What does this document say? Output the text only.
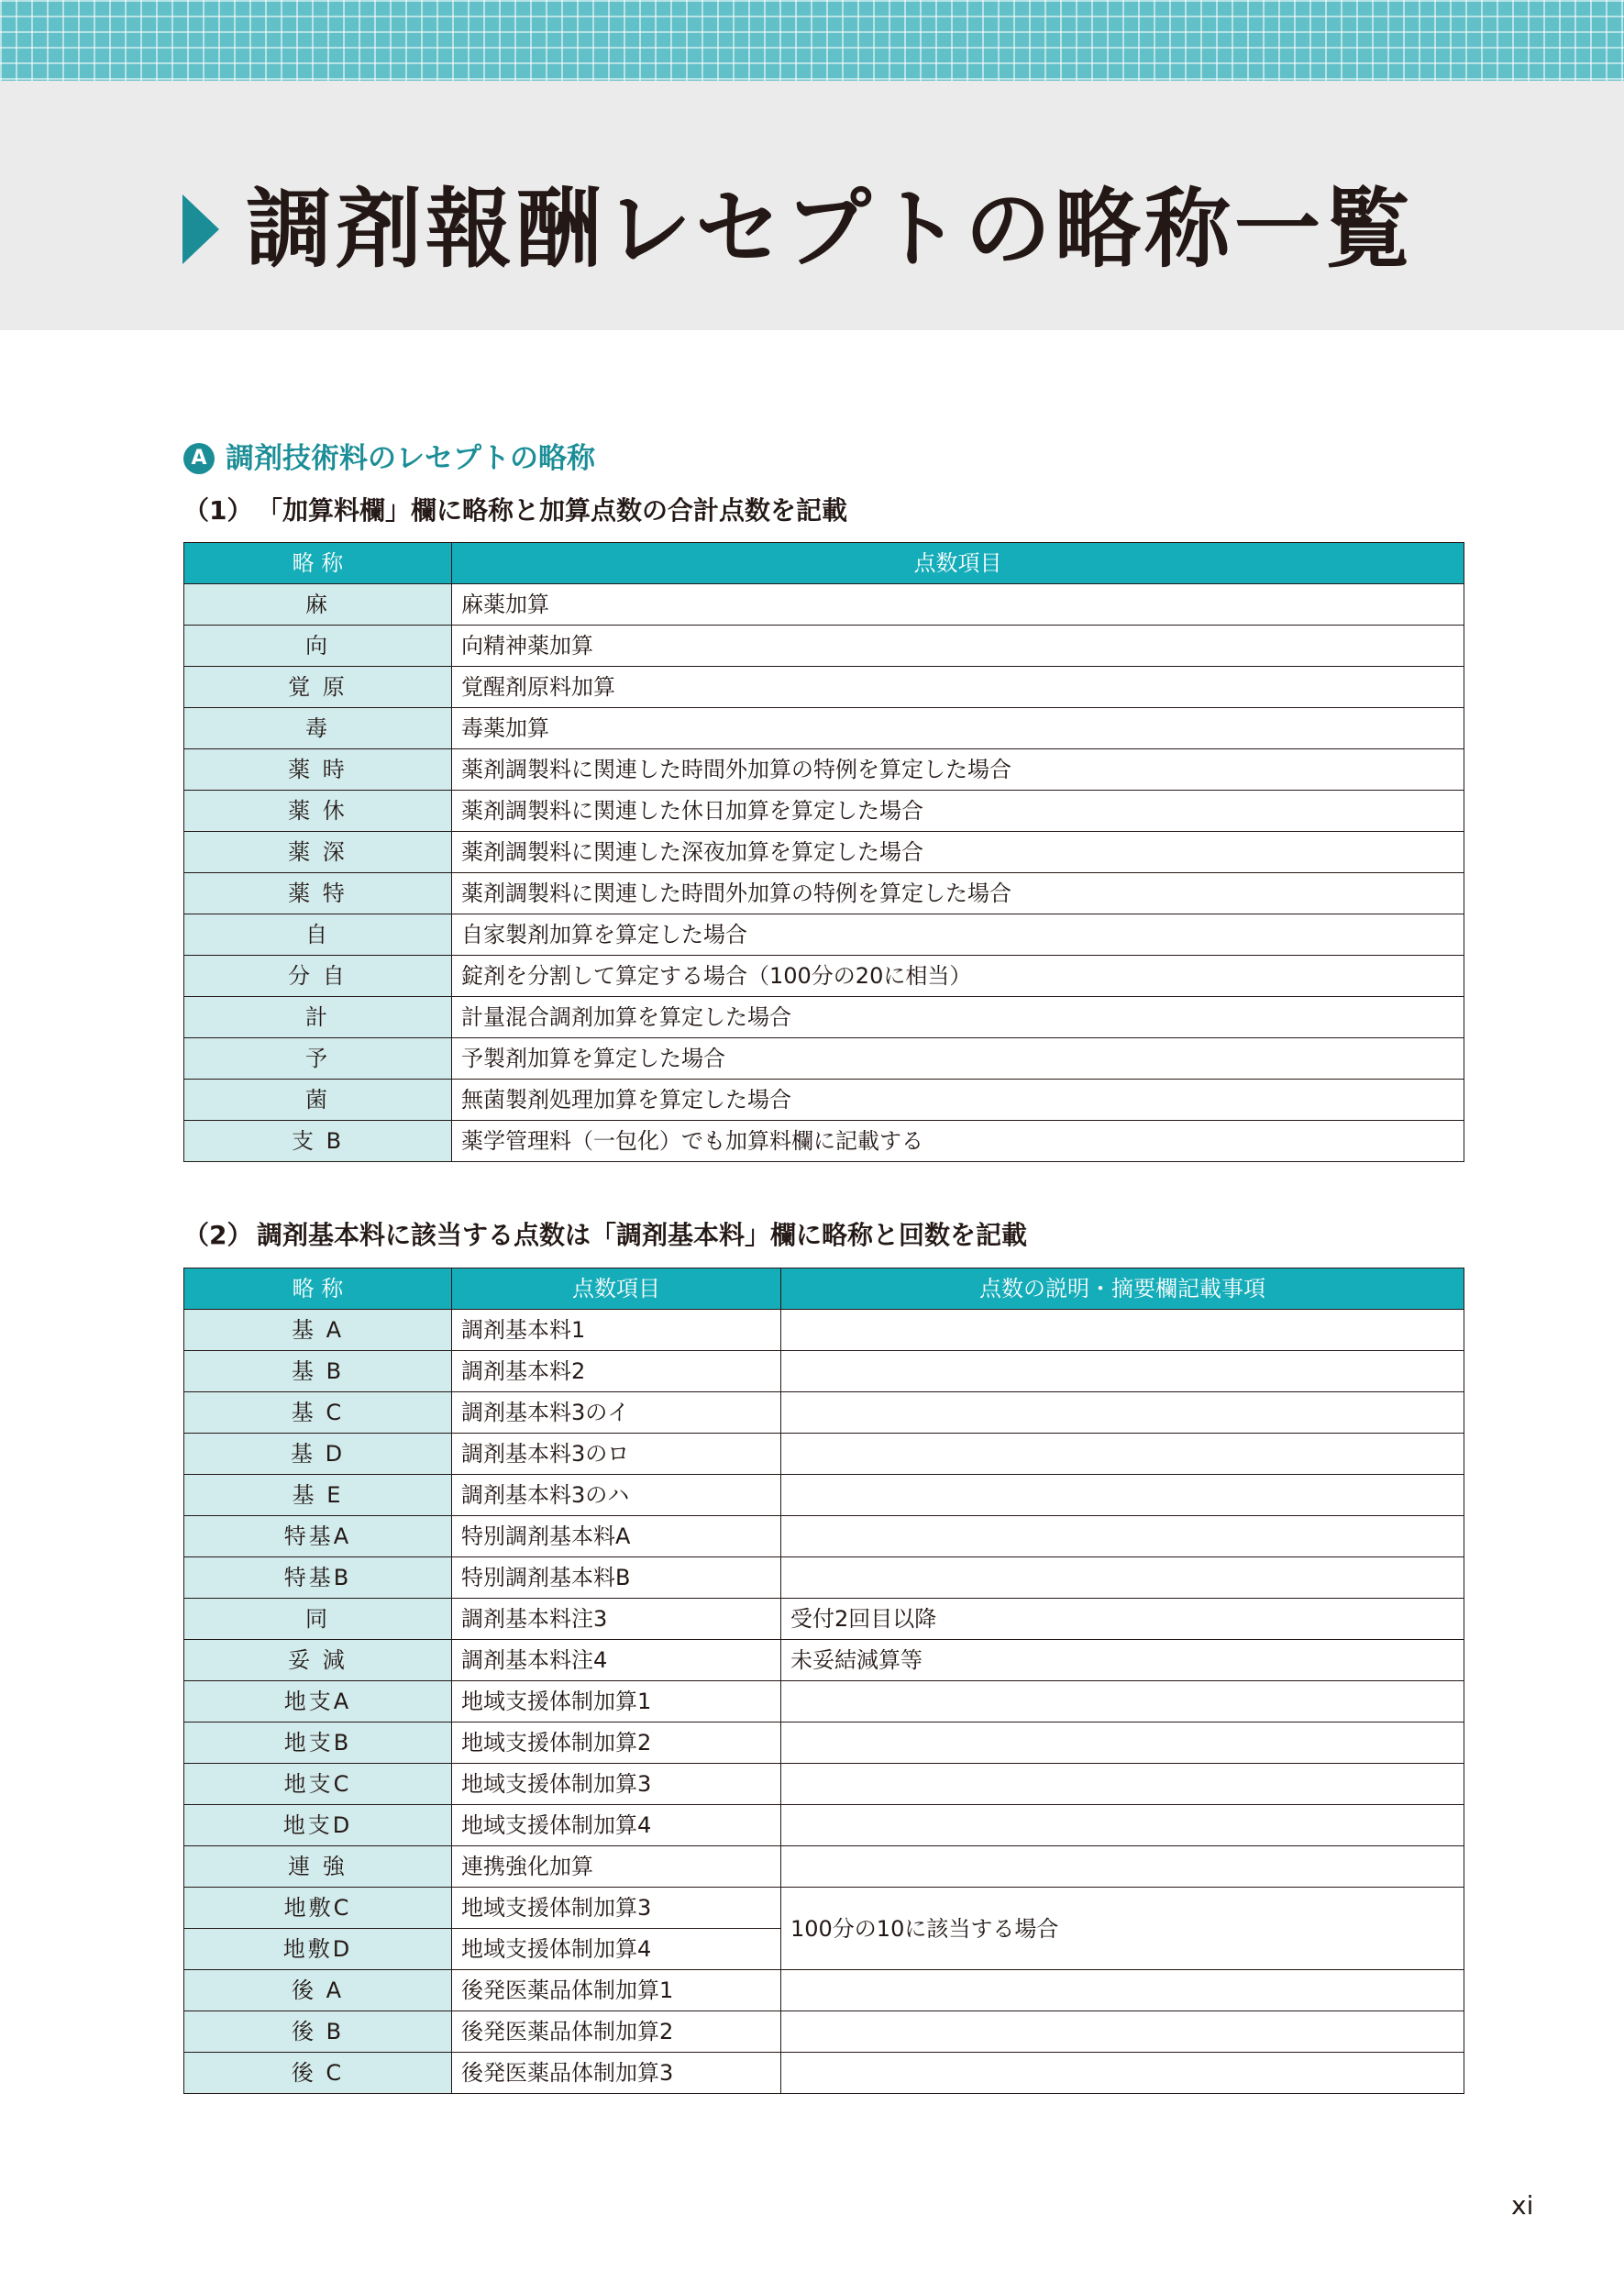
調剤報酬レセプトの略称一覧
A 調剤技術料のレセプトの略称
（1） 「加算料欄」欄に略称と加算点数の合計点数を記載
略 称	点数項目
麻	麻薬加算
向	向精神薬加算
覚 原	覚醒剤原料加算
毒	毒薬加算
薬 時	薬剤調製料に関連した時間外加算の特例を算定した場合
薬 休	薬剤調製料に関連した休日加算を算定した場合
薬 深	薬剤調製料に関連した深夜加算を算定した場合
薬 特	薬剤調製料に関連した時間外加算の特例を算定した場合
自	自家製剤加算を算定した場合
分 自	錠剤を分割して算定する場合（100分の20に相当）
計	計量混合調剤加算を算定した場合
予	予製剤加算を算定した場合
菌	無菌製剤処理加算を算定した場合
支 B	薬学管理料（一包化）でも加算料欄に記載する
（2） 調剤基本料に該当する点数は「調剤基本料」欄に略称と回数を記載
略 称	点数項目	点数の説明・摘要欄記載事項
基 A	調剤基本料1	
基 B	調剤基本料2	
基 C	調剤基本料3のイ	
基 D	調剤基本料3のロ	
基 E	調剤基本料3のハ	
特基A	特別調剤基本料A	
特基B	特別調剤基本料B	
同	調剤基本料注3	受付2回目以降
妥 減	調剤基本料注4	未妥結減算等
地支A	地域支援体制加算1	
地支B	地域支援体制加算2	
地支C	地域支援体制加算3	
地支D	地域支援体制加算4	
連 強	連携強化加算	
地敷C	地域支援体制加算3	100分の10に該当する場合
地敷D	地域支援体制加算4	
後 A	後発医薬品体制加算1	
後 B	後発医薬品体制加算2	
後 C	後発医薬品体制加算3	
xi
